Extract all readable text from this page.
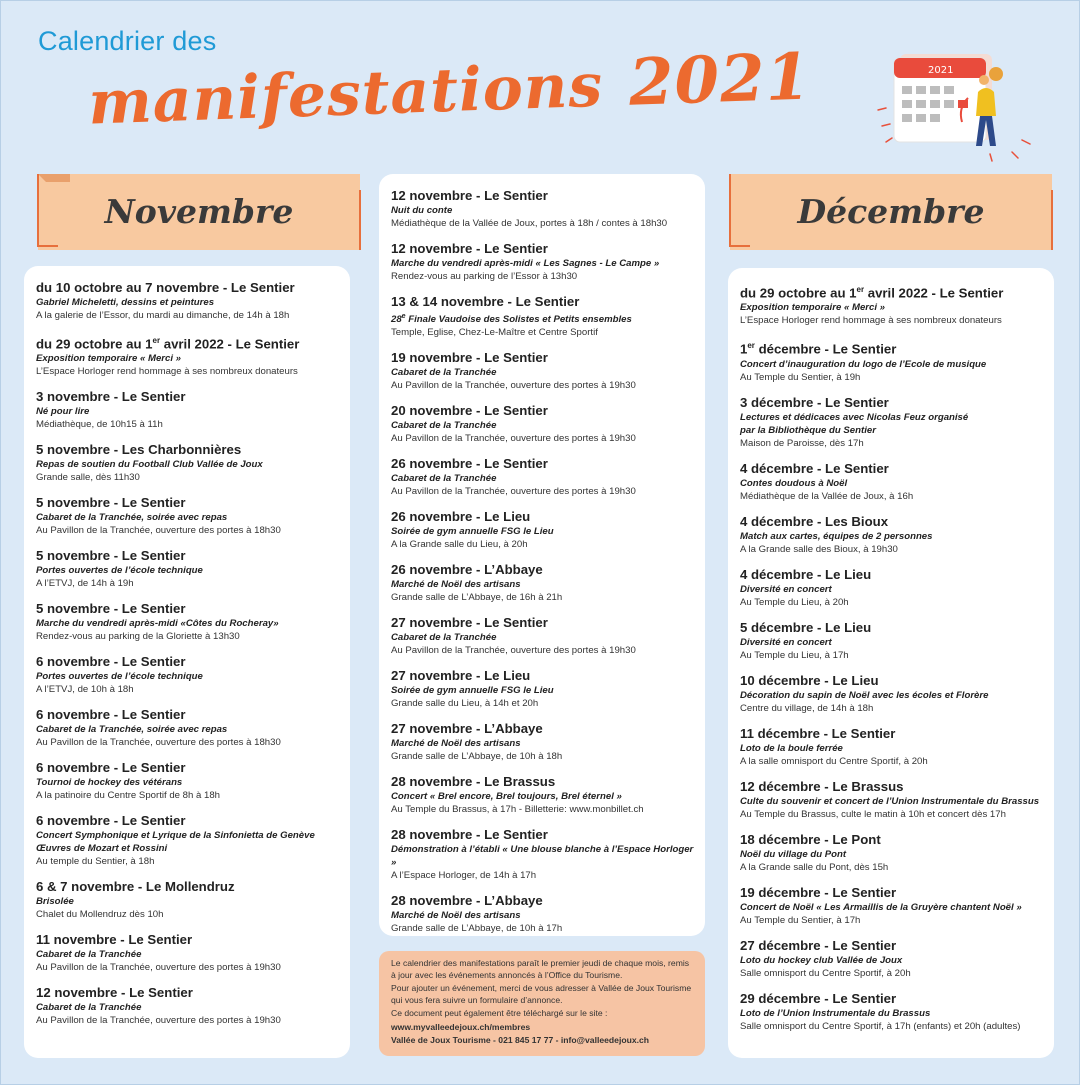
Calendrier des
manifestations 2021	2021
Novembre	Décembre
du 10 octobre au 7 novembre - Le Sentier
Gabriel Micheletti, dessins et peintures
A la galerie de l’Essor, du mardi au dimanche, de 14h à 18h
du 29 octobre au 1er avril 2022 - Le Sentier
Exposition temporaire « Merci »
L’Espace Horloger rend hommage à ses nombreux donateurs
3 novembre - Le Sentier
Né pour lire
Médiathèque, de 10h15 à 11h
5 novembre - Les Charbonnières
Repas de soutien du Football Club Vallée de Joux
Grande salle, dès 11h30
5 novembre - Le Sentier
Cabaret de la Tranchée, soirée avec repas
Au Pavillon de la Tranchée, ouverture des portes à 18h30
5 novembre - Le Sentier
Portes ouvertes de l’école technique
A l’ETVJ, de 14h à 19h
5 novembre - Le Sentier
Marche du vendredi après-midi «Côtes du Rocheray»
Rendez-vous au parking de la Gloriette à 13h30
6 novembre - Le Sentier
Portes ouvertes de l’école technique
A l’ETVJ, de 10h à 18h
6 novembre - Le Sentier
Cabaret de la Tranchée, soirée avec repas
Au Pavillon de la Tranchée, ouverture des portes à 18h30
6 novembre - Le Sentier
Tournoi de hockey des vétérans
A la patinoire du Centre Sportif de 8h à 18h
6 novembre - Le Sentier
Concert Symphonique et Lyrique de la Sinfonietta de Genève
Œuvres de Mozart et Rossini
Au temple du Sentier, à 18h
6 & 7 novembre - Le Mollendruz
Brisolée
Chalet du Mollendruz dès 10h
11 novembre - Le Sentier
Cabaret de la Tranchée
Au Pavillon de la Tranchée, ouverture des portes à 19h30
12 novembre - Le Sentier
Cabaret de la Tranchée
Au Pavillon de la Tranchée, ouverture des portes à 19h30
12 novembre - Le Sentier
Nuit du conte
Médiathèque de la Vallée de Joux, portes à 18h / contes à 18h30
12 novembre - Le Sentier
Marche du vendredi après-midi « Les Sagnes - Le Campe »
Rendez-vous au parking de l’Essor à 13h30
13 & 14 novembre - Le Sentier
28e Finale Vaudoise des Solistes et Petits ensembles
Temple, Eglise, Chez-Le-Maître et Centre Sportif
19 novembre - Le Sentier
Cabaret de la Tranchée
Au Pavillon de la Tranchée, ouverture des portes à 19h30
20 novembre - Le Sentier
Cabaret de la Tranchée
Au Pavillon de la Tranchée, ouverture des portes à 19h30
26 novembre - Le Sentier
Cabaret de la Tranchée
Au Pavillon de la Tranchée, ouverture des portes à 19h30
26 novembre - Le Lieu
Soirée de gym annuelle FSG le Lieu
A la Grande salle du Lieu, à 20h
26 novembre - L’Abbaye
Marché de Noël des artisans
Grande salle de L’Abbaye, de 16h à 21h
27 novembre - Le Sentier
Cabaret de la Tranchée
Au Pavillon de la Tranchée, ouverture des portes à 19h30
27 novembre - Le Lieu
Soirée de gym annuelle FSG le Lieu
Grande salle du Lieu, à 14h et 20h
27 novembre - L’Abbaye
Marché de Noël des artisans
Grande salle de L’Abbaye, de 10h à 18h
28 novembre - Le Brassus
Concert « Brel encore, Brel toujours, Brel éternel »
Au Temple du Brassus, à 17h - Billetterie: www.monbillet.ch
28 novembre - Le Sentier
Démonstration à l’établi « Une blouse blanche à l’Espace Horloger »
A l’Espace Horloger, de 14h à 17h
28 novembre - L’Abbaye
Marché de Noël des artisans
Grande salle de L’Abbaye, de 10h à 17h
du 29 octobre au 1er avril 2022 - Le Sentier
Exposition temporaire « Merci »
L’Espace Horloger rend hommage à ses nombreux donateurs
1er décembre - Le Sentier
Concert d’inauguration du logo de l’Ecole de musique
Au Temple du Sentier, à 19h
3 décembre - Le Sentier
Lectures et dédicaces avec Nicolas Feuz organisé
par la Bibliothèque du Sentier
Maison de Paroisse, dès 17h
4 décembre - Le Sentier
Contes doudous à Noël
Médiathèque de la Vallée de Joux, à 16h
4 décembre - Les Bioux
Match aux cartes, équipes de 2 personnes
A la Grande salle des Bioux, à 19h30
4 décembre - Le Lieu
Diversité en concert
Au Temple du Lieu, à 20h
5 décembre - Le Lieu
Diversité en concert
Au Temple du Lieu, à 17h
10 décembre - Le Lieu
Décoration du sapin de Noël avec les écoles et Florère
Centre du village, de 14h à 18h
11 décembre - Le Sentier
Loto de la boule ferrée
A la salle omnisport du Centre Sportif, à 20h
12 décembre - Le Brassus
Culte du souvenir et concert de l’Union Instrumentale du Brassus
Au Temple du Brassus, culte le matin à 10h et concert dès 17h
18 décembre - Le Pont
Noël du village du Pont
A la Grande salle du Pont, dès 15h
19 décembre - Le Sentier
Concert de Noël « Les Armaillis de la Gruyère chantent Noël »
Au Temple du Sentier, à 17h
27 décembre - Le Sentier
Loto du hockey club Vallée de Joux
Salle omnisport du Centre Sportif, à 20h
29 décembre - Le Sentier
Loto de l’Union Instrumentale du Brassus
Salle omnisport du Centre Sportif, à 17h (enfants) et 20h (adultes)

Le calendrier des manifestations paraît le premier jeudi de chaque mois, remis à jour avec les événements annoncés à l’Office du Tourisme.

Pour ajouter un événement, merci de vous adresser à Vallée de Joux Tourisme qui vous fera suivre un formulaire d’annonce.

Ce document peut également être téléchargé sur le site :

www.myvalleedejoux.ch/membres

Vallée de Joux Tourisme - 021 845 17 77 - info@valleedejoux.ch
